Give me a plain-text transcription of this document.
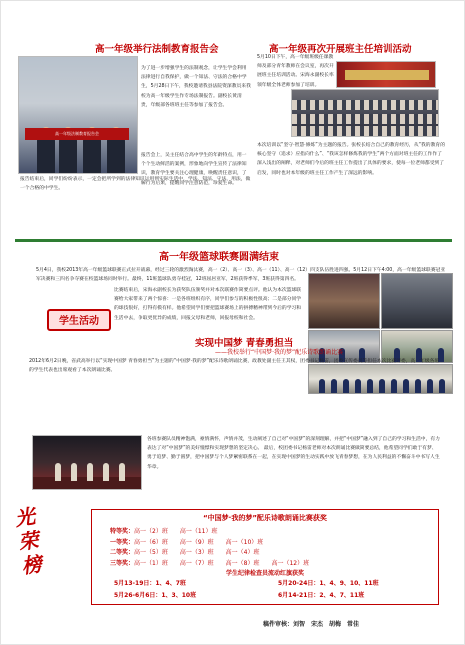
高一年级举行法制教育报告会
高一年级法制教育报告会
为了进一步增强学生的法制观念，让学生学会利用法律进行自我保护，做一个知法、守法的合格中学生，5月28日下午，我校邀请我县法院资深教员来我校为高一年级学生作专场法制报告。副校长黄清贵，年级部各班班主任等参加了报告会。
报告会上，吴主任结合高中学生的年龄特点，用一个个生动鲜活的案例，形象地向学生宣传了法律知识，教育学生要关注心理健康，唤醒责任意识，了解行为后果，提醒同学注意防范，珍爱生命。
报告结束后，同学们纷纷表示，一定会把所学到的法律知识运用到实际生活中，学法、知法、守法、用法，做一个合格的中学生。
高一年级再次开展班主任培训活动
5月10日下午，高一年级班级任课教师及部分青年教师在会议室，再次开展班主任培训活动。宋海永副校长率领年级全体老师参加了培训。
本次培训以“坚守·智慧·修炼”为主题的报告。张校长结合自己的教育经历，从“我的教育的核心坚守（追求）应指向什么”、“我该怎样修炼我的学生”两个方面对班主任的工作作了深入浅出的阐释，对老师们今后的班主任工作提出了具体的要求，使每一位老师都受到了启发，同时也对本年级的班主任工作产生了深远的影响。
高一年级篮球联赛圆满结束
5月4日，我校2013年高一年级篮球联赛正式拉开战幕，经过三轮的激烈淘汰赛，高一（2）、高一（3）、高一（11）、高一（12）四支队伍胜进四强。5月12日下午4:00，高一年级篮球联赛冠亚军决赛和三四名争夺赛在校篮球场同时举行。最终，11班篮球队勇夺桂冠，12班屈居亚军，2班获得季军，3班获得第四名。
学生活动
比赛结束后，宋海永副校长为获奖队伍颁奖并对本次联赛作简要点评。他认为本次篮球联赛给大家带来了两个惊喜：一是各班组织有序，同学们参与的积极性很高；二是部分同学的球技很好，打得有模有样。他希望同学们要把篮球赛场上的拼搏精神带到今后的学习和生活中去，争取更优异的成绩，回报父母和老师，回报母校和社会。
实现中国梦 青春勇担当
——我校举行“中国梦·我的梦”配乐诗歌朗诵比赛
2012年6月2日晚，省武高举行以“实现中国梦 青春勇担当”为主题的“中国梦·我的梦”配乐诗歌朗诵比赛，政教处副主任王其权，团委书记杨雷，团委宣传委员等担任本次比赛评委，高一年级各班的学生代表也出席观看了本次朗诵比赛。
各班参赛队员精神饱满，豪情满怀，声情并茂，生动阐述了自己对“中国梦”的深刻理解，并把“中国梦”融入到了自己的学习和生活中，有力表达了对“中国梦”的美好憧憬和实现梦想的坚定决心。 最后，校团委书记杨雷老师对本次朗诵比赛做简要总结，他希望同学们敢于有梦、勇于追梦、勤于圆梦，把中国梦与个人梦紧密联系在一起，在实现中国梦的生动实践中放飞青春梦想，在为人民利益的不懈奋斗中书写人生华章。
光荣榜
“中国梦·我的梦”配乐诗歌朗诵比赛获奖
特等奖：高一（2）班　　高一（11）班
一等奖：高一（6）班　　高一（9）班　　高一（10）班
二等奖：高一（5）班　　高一（3）班　　高一（4）班
三等奖：高一（1）班　　高一（7）班　　高一（8）班　　高一（12）班
学生纪律检查员流动红旗获奖
5月13-19日：1、4、7班	5月20-24日：1、4、9、10、11班
5月26-6月6日：1、3、10班	6月14-21日：2、4、7、11班
稿件审核：刘智　宋杰　胡梅　常佳
